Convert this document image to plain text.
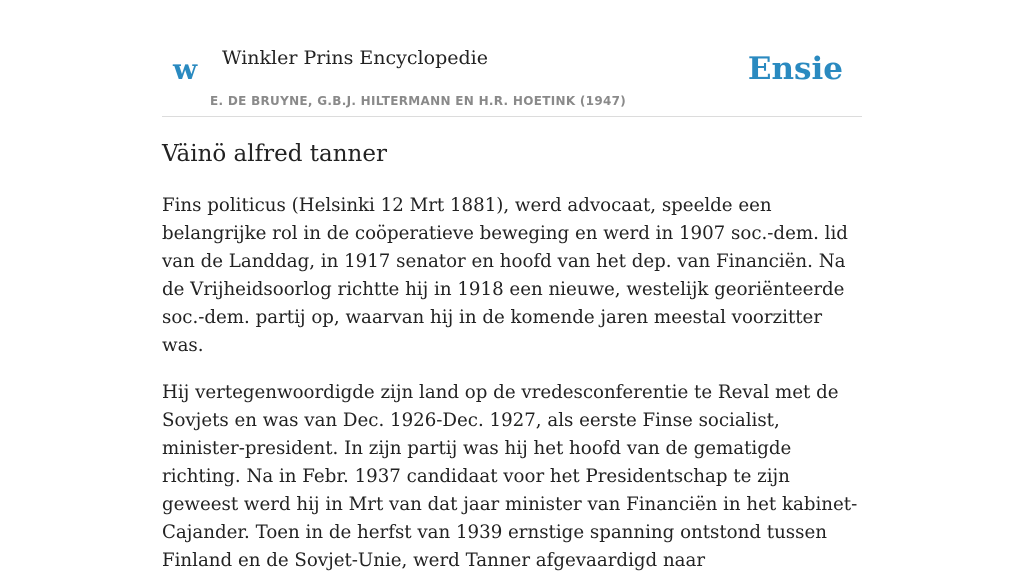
w Winkler Prins Encyclopedie
E. DE BRUYNE, G.B.J. HILTERMANN EN H.R. HOETINK (1947)
Ensie
Väinö alfred tanner

Fins politicus (Helsinki 12 Mrt 1881), werd advocaat, speelde een belangrijke rol in de coöperatieve beweging en werd in 1907 soc.-dem. lid van de Landdag, in 1917 senator en hoofd van het dep. van Financiën. Na de Vrijheidsoorlog richtte hij in 1918 een nieuwe, westelijk georiënteerde soc.-dem. partij op, waarvan hij in de komende jaren meestal voorzitter was.

Hij vertegenwoordigde zijn land op de vredesconferentie te Reval met de Sovjets en was van Dec. 1926-Dec. 1927, als eerste Finse socialist, minister-president. In zijn partij was hij het hoofd van de gematigde richting. Na in Febr. 1937 candidaat voor het Presidentschap te zijn geweest werd hij in Mrt van dat jaar minister van Financiën in het kabinet-Cajander. Toen in de herfst van 1939 ernstige spanning ontstond tussen Finland en de Sovjet-Unie, werd Tanner afgevaardigd naar
